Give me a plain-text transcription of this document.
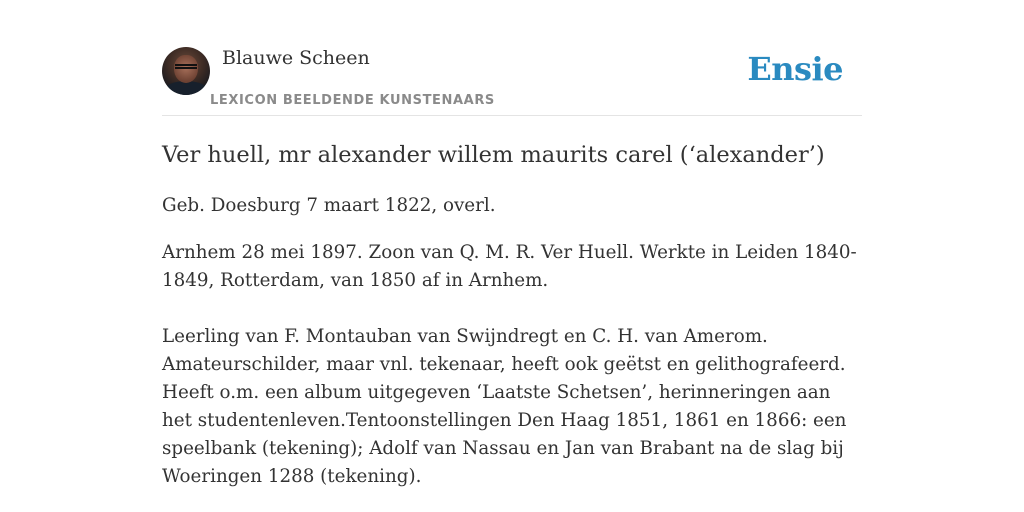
Blauwe Scheen
LEXICON BEELDENDE KUNSTENAARS
Ensie
Ver huell, mr alexander willem maurits carel (‘alexander’)

Geb. Doesburg 7 maart 1822, overl.

Arnhem 28 mei 1897. Zoon van Q. M. R. Ver Huell. Werkte in Leiden 1840-1849, Rotterdam, van 1850 af in Arnhem.

Leerling van F. Montauban van Swijndregt en C. H. van Amerom. Amateurschilder, maar vnl. tekenaar, heeft ook geëtst en gelithografeerd. Heeft o.m. een album uitgegeven ‘Laatste Schetsen’, herinneringen aan het studentenleven.Tentoonstellingen Den Haag 1851, 1861 en 1866: een speelbank (tekening); Adolf van Nassau en Jan van Brabant na de slag bij Woeringen 1288 (tekening).
